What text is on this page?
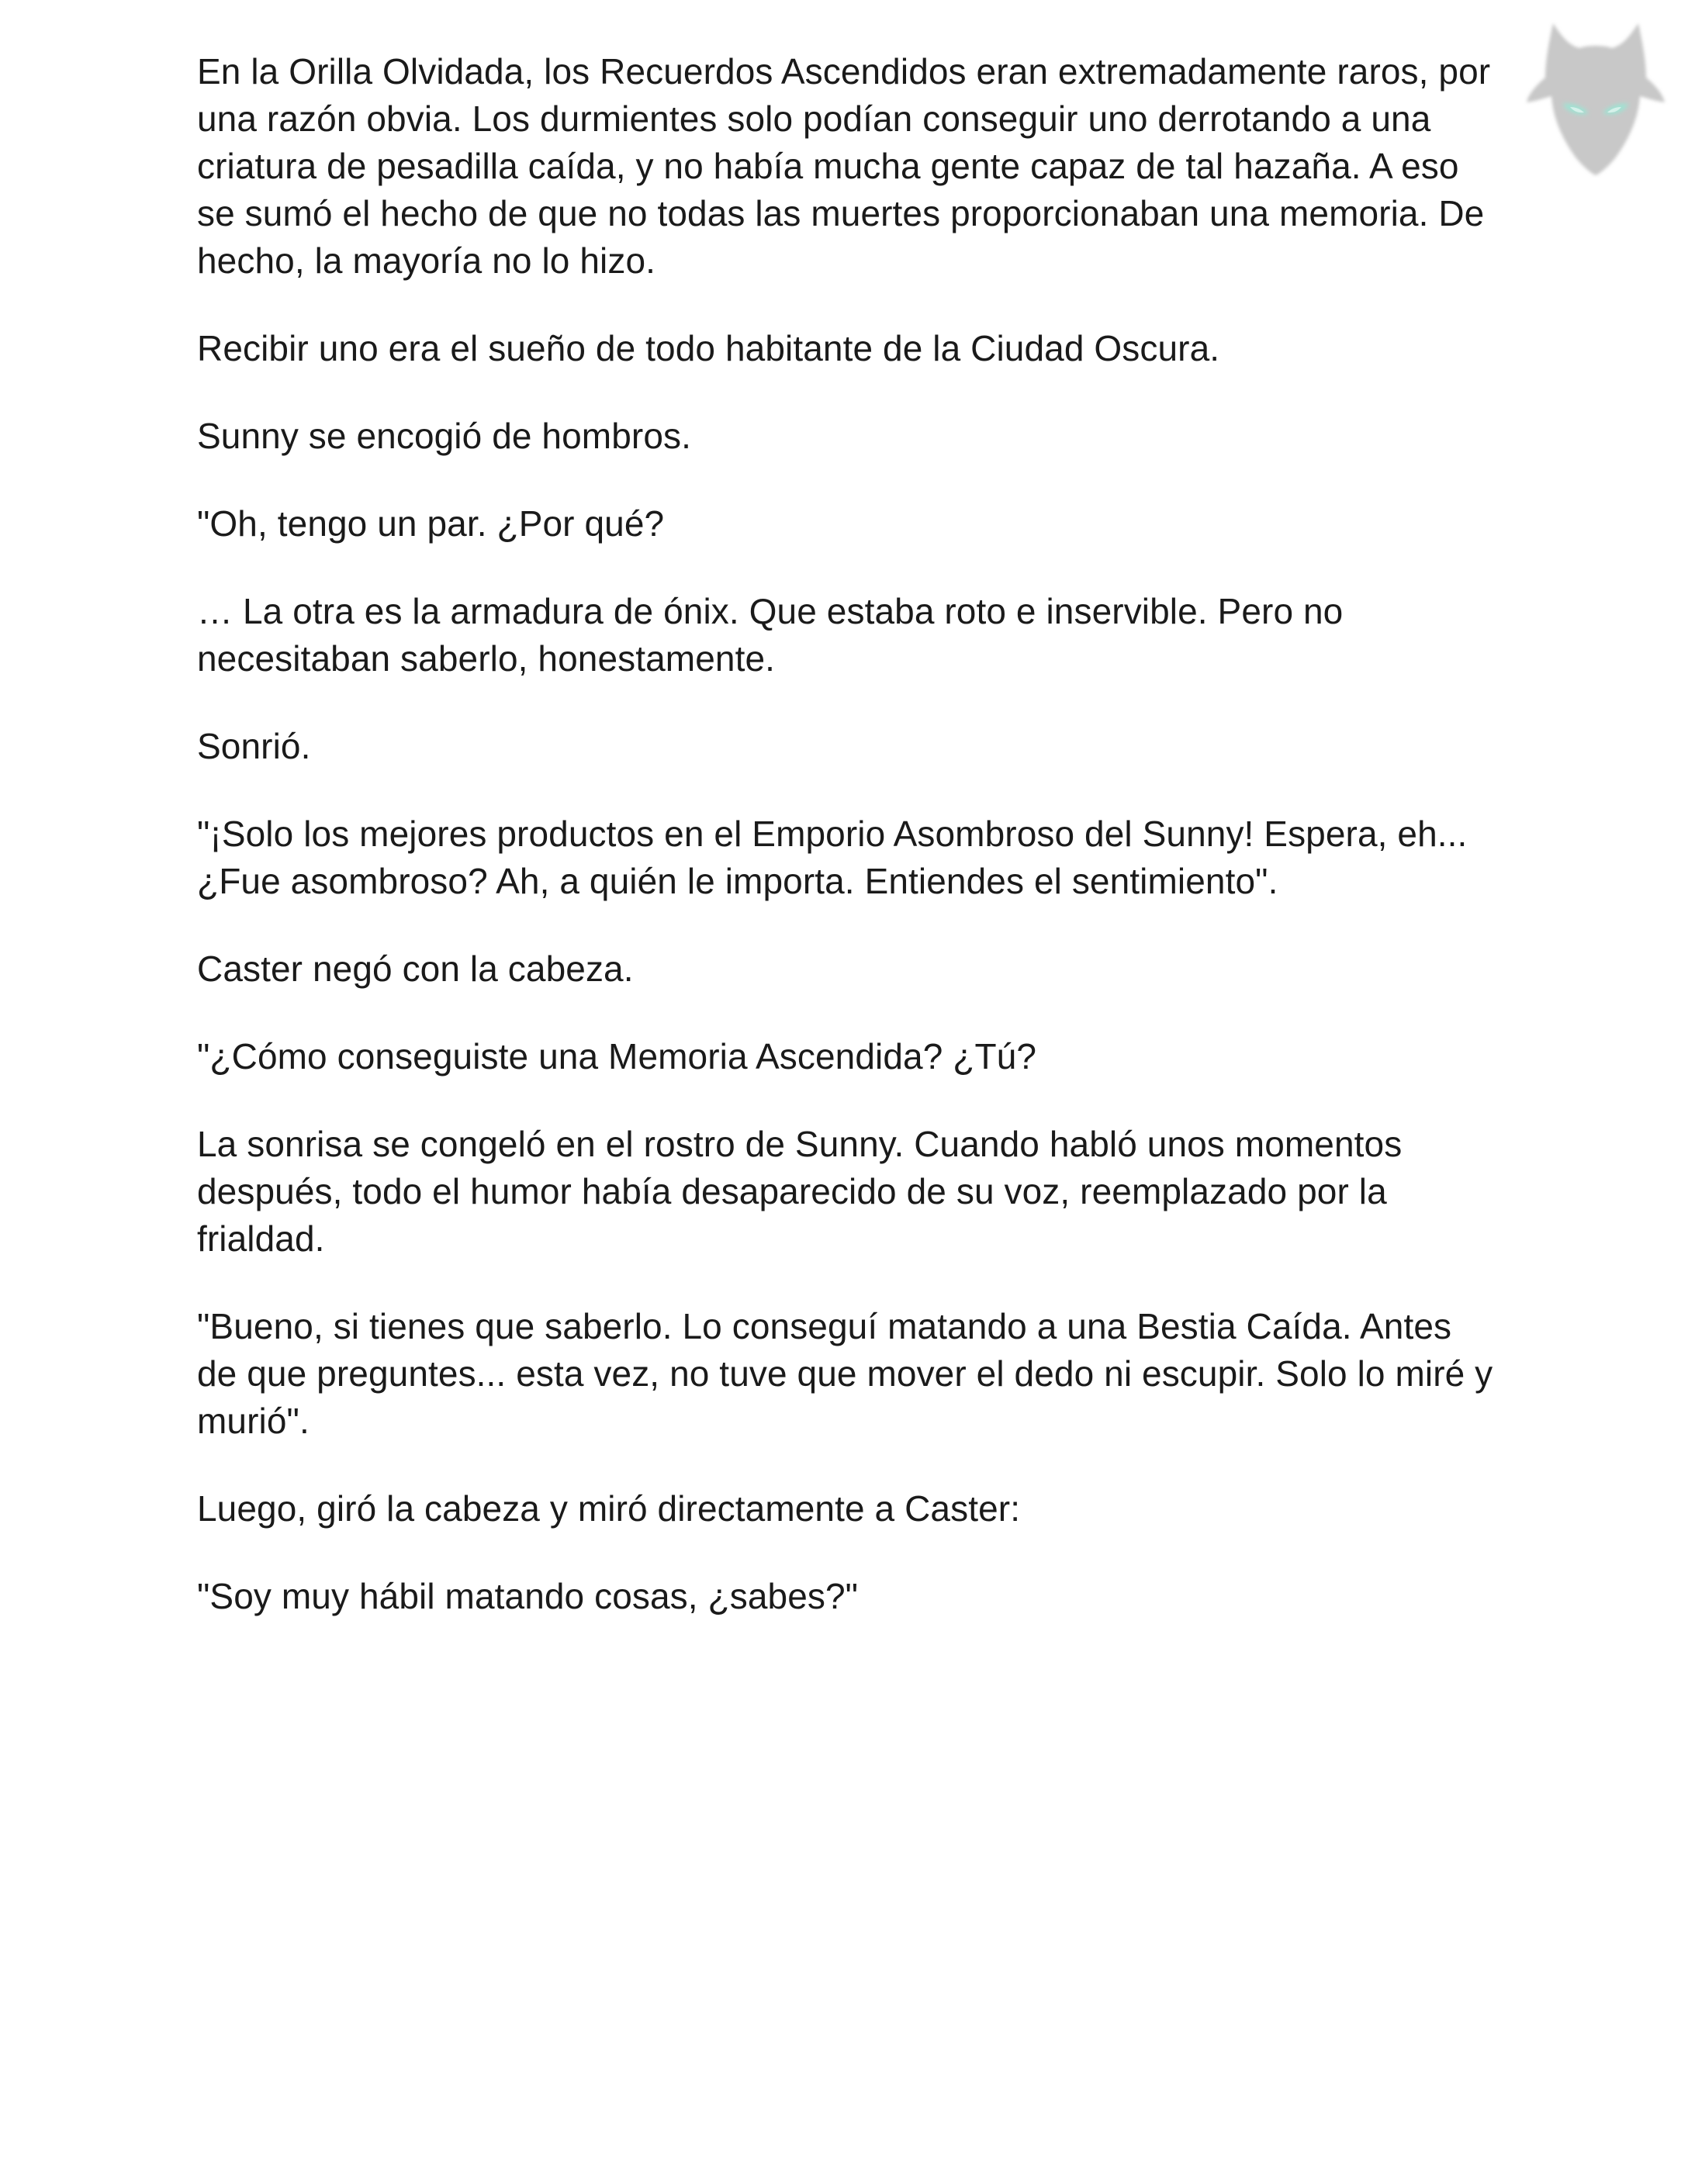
En la Orilla Olvidada, los Recuerdos Ascendidos eran extremadamente raros, por una razón obvia. Los durmientes solo podían conseguir uno derrotando a una criatura de pesadilla caída, y no había mucha gente capaz de tal hazaña. A eso se sumó el hecho de que no todas las muertes proporcionaban una memoria. De hecho, la mayoría no lo hizo.

Recibir uno era el sueño de todo habitante de la Ciudad Oscura.

Sunny se encogió de hombros.

"Oh, tengo un par. ¿Por qué?

… La otra es la armadura de ónix. Que estaba roto e inservible. Pero no necesitaban saberlo, honestamente.

Sonrió.

"¡Solo los mejores productos en el Emporio Asombroso del Sunny! Espera, eh... ¿Fue asombroso? Ah, a quién le importa. Entiendes el sentimiento".

Caster negó con la cabeza.

"¿Cómo conseguiste una Memoria Ascendida? ¿Tú?

La sonrisa se congeló en el rostro de Sunny. Cuando habló unos momentos después, todo el humor había desaparecido de su voz, reemplazado por la frialdad.

"Bueno, si tienes que saberlo. Lo conseguí matando a una Bestia Caída. Antes de que preguntes... esta vez, no tuve que mover el dedo ni escupir. Solo lo miré y murió".

Luego, giró la cabeza y miró directamente a Caster:

"Soy muy hábil matando cosas, ¿sabes?"
